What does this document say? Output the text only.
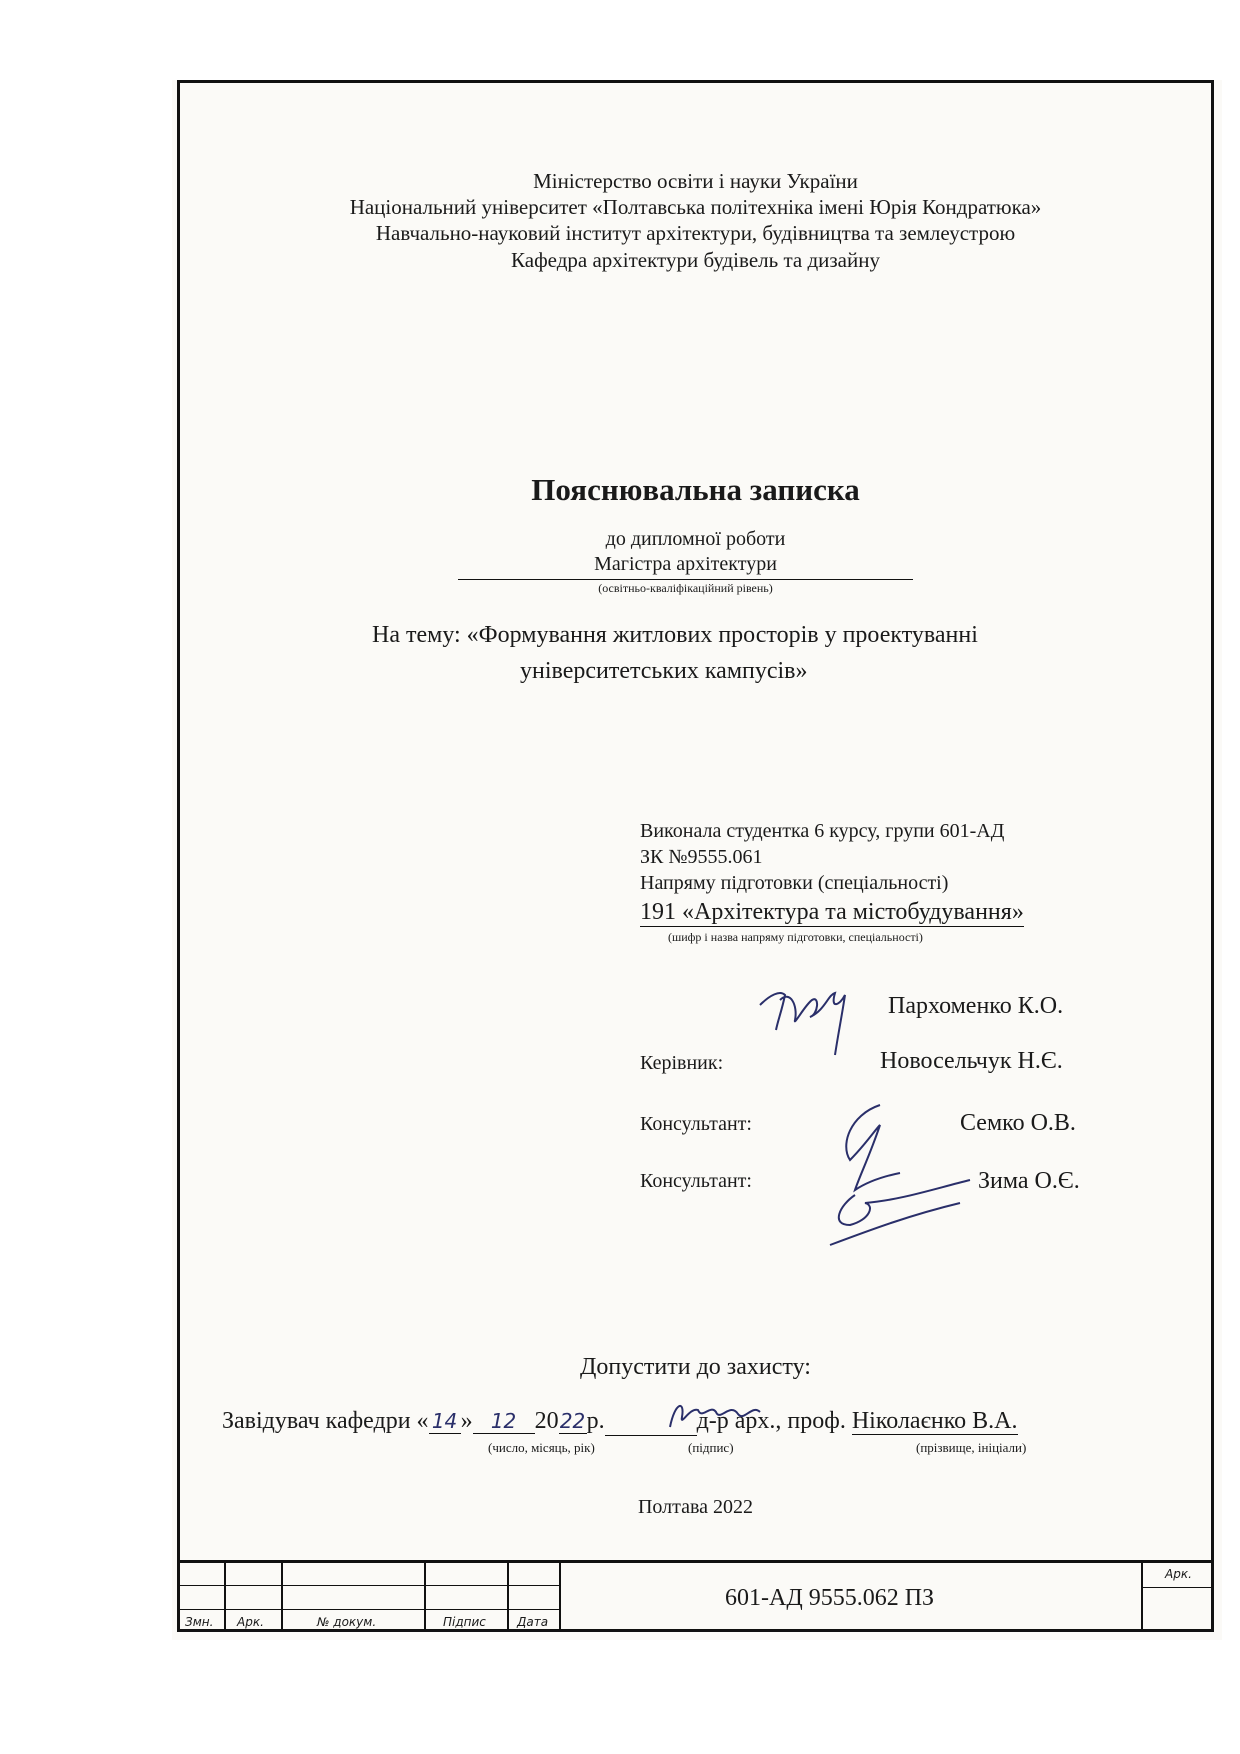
Міністерство освіти і науки України
Національний університет «Полтавська політехніка імені Юрія Кондратюка»
Навчально-науковий інститут архітектури, будівництва та землеустрою
Кафедра архітектури будівель та дизайну
Пояснювальна записка
до дипломної роботи
Магістра архітектури
(освітньо-кваліфікаційний рівень)
На тему: «Формування житлових просторів у проектуванні
університетських кампусів»
Виконала студентка 6 курсу, групи 601-АД
ЗК №9555.061
Напряму підготовки (спеціальності)
191 «Архітектура та містобудування»
(шифр і назва напряму підготовки, спеціальності)
Пархоменко К.О.
Керівник:	Новосельчук Н.Є.
Консультант:	Семко О.В.
Консультант:	Зима О.Є.
Допустити до захисту:
Завідувач кафедри « 14 » 12 2022р.	д-р арх., проф. Ніколаєнко В.А.
(число, місяць, рік)	(підпис)	(прізвище, ініціали)
Полтава 2022
Змн. Арк.	№ докум.	Підпис	Дата
601-АД 9555.062 ПЗ
Арк.
